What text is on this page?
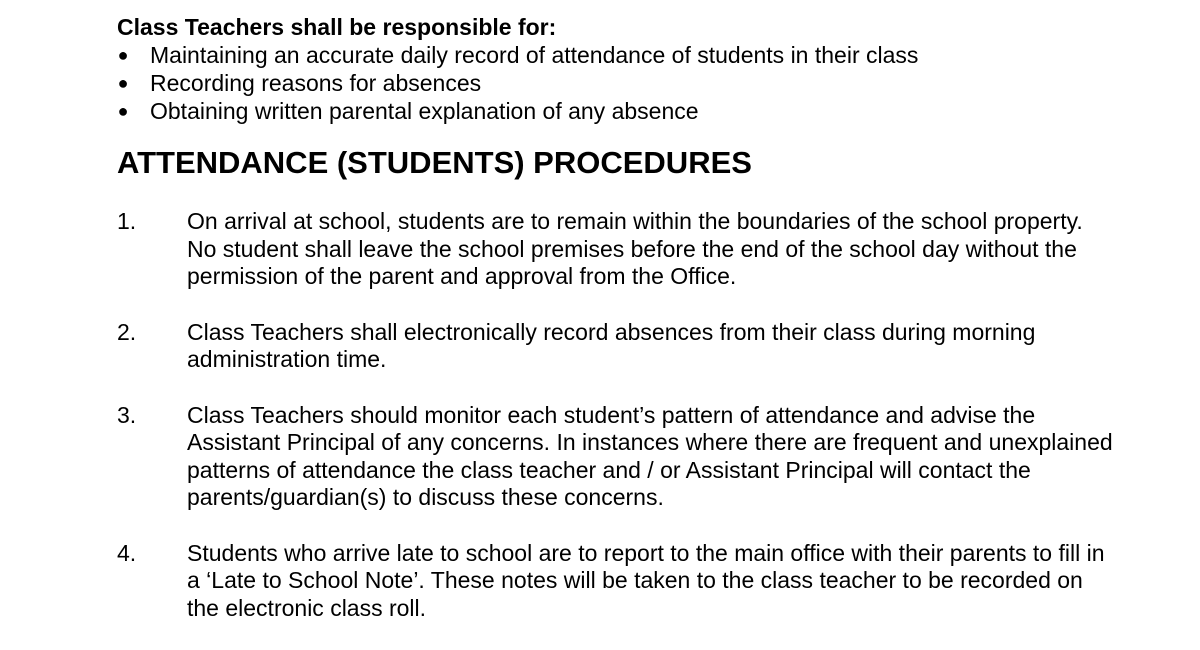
Class Teachers shall be responsible for:

● Maintaining an accurate daily record of attendance of students in their class
● Recording reasons for absences
● Obtaining written parental explanation of any absence
ATTENDANCE (STUDENTS) PROCEDURES
1. On arrival at school, students are to remain within the boundaries of the school property. No student shall leave the school premises before the end of the school day without the permission of the parent and approval from the Office.
2. Class Teachers shall electronically record absences from their class during morning administration time.
3. Class Teachers should monitor each student’s pattern of attendance and advise the Assistant Principal of any concerns. In instances where there are frequent and unexplained patterns of attendance the class teacher and / or Assistant Principal will contact the parents/guardian(s) to discuss these concerns.
4. Students who arrive late to school are to report to the main office with their parents to fill in a ‘Late to School Note’. These notes will be taken to the class teacher to be recorded on the electronic class roll.
